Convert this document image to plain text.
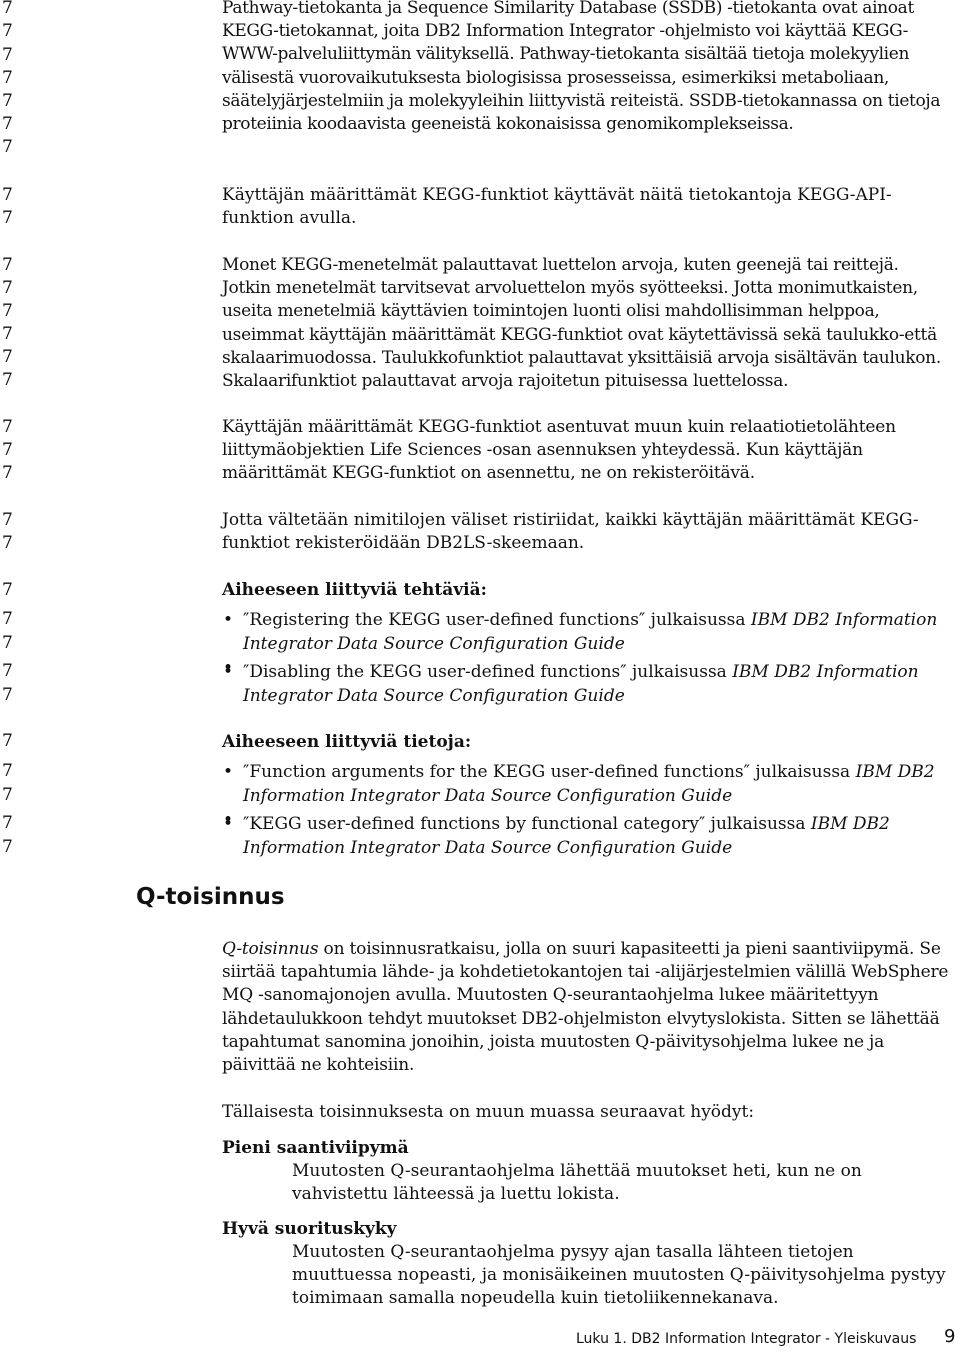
7
7
7
7
7
7
7
7
7
7
7
7
7
7
7
7
7
7
7
7
7
7
7
7
7
7
7
7
7
7

Pathway-tietokanta ja Sequence Similarity Database (SSDB) -tietokanta ovat ainoat KEGG-tietokannat, joita DB2 Information Integrator -ohjelmisto voi käyttää KEGG-WWW-palveluliittymän välityksellä. Pathway-tietokanta sisältää tietoja molekyylien välisestä vuorovaikutuksesta biologisissa prosesseissa, esimerkiksi metaboliaan, säätelyjärjestelmiin ja molekyyleihin liittyvistä reiteistä. SSDB-tietokannassa on tietoja proteiinia koodaavista geeneistä kokonaisissa genomikomplekseissa.

Käyttäjän määrittämät KEGG-funktiot käyttävät näitä tietokantoja KEGG-API-funktion avulla.

Monet KEGG-menetelmät palauttavat luettelon arvoja, kuten geenejä tai reittejä. Jotkin menetelmät tarvitsevat arvoluettelon myös syötteeksi. Jotta monimutkaisten, useita menetelmiä käyttävien toimintojen luonti olisi mahdollisimman helppoa, useimmat käyttäjän määrittämät KEGG-funktiot ovat käytettävissä sekä taulukko-että skalaarimuodossa. Taulukkofunktiot palauttavat yksittäisiä arvoja sisältävän taulukon. Skalaarifunktiot palauttavat arvoja rajoitetun pituisessa luettelossa.

Käyttäjän määrittämät KEGG-funktiot asentuvat muun kuin relaatiotietolähteen liittymäobjektien Life Sciences -osan asennuksen yhteydessä. Kun käyttäjän määrittämät KEGG-funktiot on asennettu, ne on rekisteröitävä.

Jotta vältetään nimitilojen väliset ristiriidat, kaikki käyttäjän määrittämät KEGG-funktiot rekisteröidään DB2LS-skeemaan.

Aiheeseen liittyviä tehtäviä:
• ″Registering the KEGG user-defined functions″ julkaisussa IBM DB2 Information Integrator Data Source Configuration Guide
•
• ″Disabling the KEGG user-defined functions″ julkaisussa IBM DB2 Information Integrator Data Source Configuration Guide
Aiheeseen liittyviä tietoja:
• ″Function arguments for the KEGG user-defined functions″ julkaisussa IBM DB2 Information Integrator Data Source Configuration Guide
•
• ″KEGG user-defined functions by functional category″ julkaisussa IBM DB2 Information Integrator Data Source Configuration Guide

Q-toisinnus on toisinnusratkaisu, jolla on suuri kapasiteetti ja pieni saantiviipymä. Se siirtää tapahtumia lähde- ja kohdetietokantojen tai -alijärjestelmien välillä WebSphere MQ -sanomajonojen avulla. Muutosten Q-seurantaohjelma lukee määritettyyn lähdetaulukkoon tehdyt muutokset DB2-ohjelmiston elvytyslokista. Sitten se lähettää tapahtumat sanomina jonoihin, joista muutosten Q-päivitysohjelma lukee ne ja päivittää ne kohteisiin.

Tällaisesta toisinnuksesta on muun muassa seuraavat hyödyt:

Pieni saantiviipymä

Muutosten Q-seurantaohjelma lähettää muutokset heti, kun ne on vahvistettu lähteessä ja luettu lokista.

Hyvä suorituskyky

Muutosten Q-seurantaohjelma pysyy ajan tasalla lähteen tietojen muuttuessa nopeasti, ja monisäikeinen muutosten Q-päivitysohjelma pystyy toimimaan samalla nopeudella kuin tietoliikennekanava.

Q-toisinnus
Luku 1. DB2 Information Integrator - Yleiskuvaus 9
